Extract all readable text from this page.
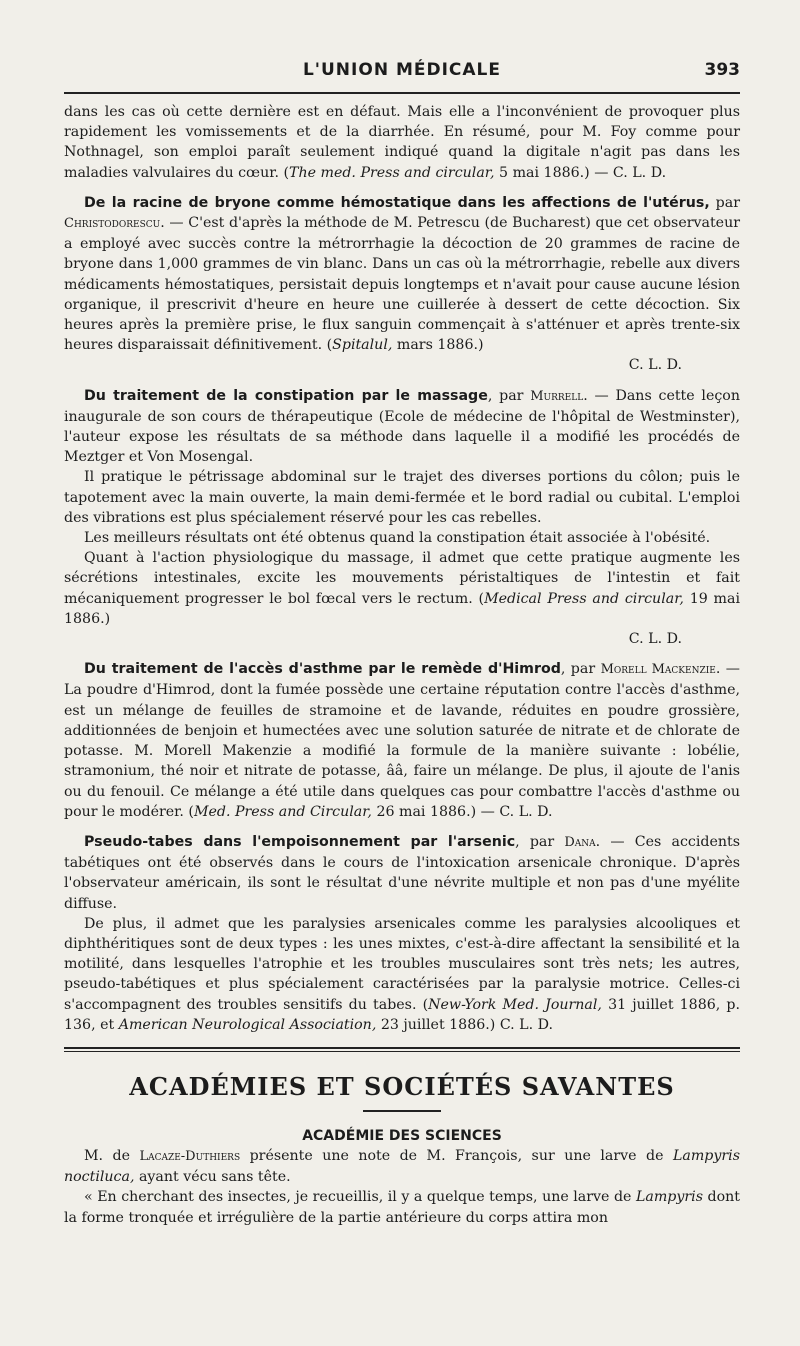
L'UNION MÉDICALE	393

dans les cas où cette dernière est en défaut. Mais elle a l'inconvénient de provoquer plus rapidement les vomissements et de la diarrhée. En résumé, pour M. Foy comme pour Nothnagel, son emploi paraît seulement indiqué quand la digitale n'agit pas dans les maladies valvulaires du cœur. (The med. Press and circular, 5 mai 1886.) — C. L. D.

De la racine de bryone comme hémostatique dans les affections de l'utérus, par Christodorescu. — C'est d'après la méthode de M. Petrescu (de Bucharest) que cet observateur a employé avec succès contre la métrorrhagie la décoction de 20 grammes de racine de bryone dans 1,000 grammes de vin blanc. Dans un cas où la métrorrhagie, rebelle aux divers médicaments hémostatiques, persistait depuis longtemps et n'avait pour cause aucune lésion organique, il prescrivit d'heure en heure une cuillerée à dessert de cette décoction. Six heures après la première prise, le flux sanguin commençait à s'atténuer et après trente-six heures disparaissait définitivement. (Spitalul, mars 1886.)

C. L. D.

Du traitement de la constipation par le massage, par Murrell. — Dans cette leçon inaugurale de son cours de thérapeutique (Ecole de médecine de l'hôpital de Westminster), l'auteur expose les résultats de sa méthode dans laquelle il a modifié les procédés de Meztger et Von Mosengal.

Il pratique le pétrissage abdominal sur le trajet des diverses portions du côlon; puis le tapotement avec la main ouverte, la main demi-fermée et le bord radial ou cubital. L'emploi des vibrations est plus spécialement réservé pour les cas rebelles.

Les meilleurs résultats ont été obtenus quand la constipation était associée à l'obésité.

Quant à l'action physiologique du massage, il admet que cette pratique augmente les sécrétions intestinales, excite les mouvements péristaltiques de l'intestin et fait mécaniquement progresser le bol fœcal vers le rectum. (Medical Press and circular, 19 mai 1886.)

C. L. D.

Du traitement de l'accès d'asthme par le remède d'Himrod, par Morell Mackenzie. — La poudre d'Himrod, dont la fumée possède une certaine réputation contre l'accès d'asthme, est un mélange de feuilles de stramoine et de lavande, réduites en poudre grossière, additionnées de benjoin et humectées avec une solution saturée de nitrate et de chlorate de potasse. M. Morell Makenzie a modifié la formule de la manière suivante : lobélie, stramonium, thé noir et nitrate de potasse, ââ, faire un mélange. De plus, il ajoute de l'anis ou du fenouil. Ce mélange a été utile dans quelques cas pour combattre l'accès d'asthme ou pour le modérer. (Med. Press and Circular, 26 mai 1886.) — C. L. D.

Pseudo-tabes dans l'empoisonnement par l'arsenic, par Dana. — Ces accidents tabétiques ont été observés dans le cours de l'intoxication arsenicale chronique. D'après l'observateur américain, ils sont le résultat d'une névrite multiple et non pas d'une myélite diffuse.

De plus, il admet que les paralysies arsenicales comme les paralysies alcooliques et diphthéritiques sont de deux types : les unes mixtes, c'est-à-dire affectant la sensibilité et la motilité, dans lesquelles l'atrophie et les troubles musculaires sont très nets; les autres, pseudo-tabétiques et plus spécialement caractérisées par la paralysie motrice. Celles-ci s'accompagnent des troubles sensitifs du tabes. (New-York Med. Journal, 31 juillet 1886, p. 136, et American Neurological Association, 23 juillet 1886.) C. L. D.

ACADÉMIES ET SOCIÉTÉS SAVANTES
ACADÉMIE DES SCIENCES

M. de Lacaze-Duthiers présente une note de M. François, sur une larve de Lampyris noctiluca, ayant vécu sans tête.

« En cherchant des insectes, je recueillis, il y a quelque temps, une larve de Lampyris dont la forme tronquée et irrégulière de la partie antérieure du corps attira mon
